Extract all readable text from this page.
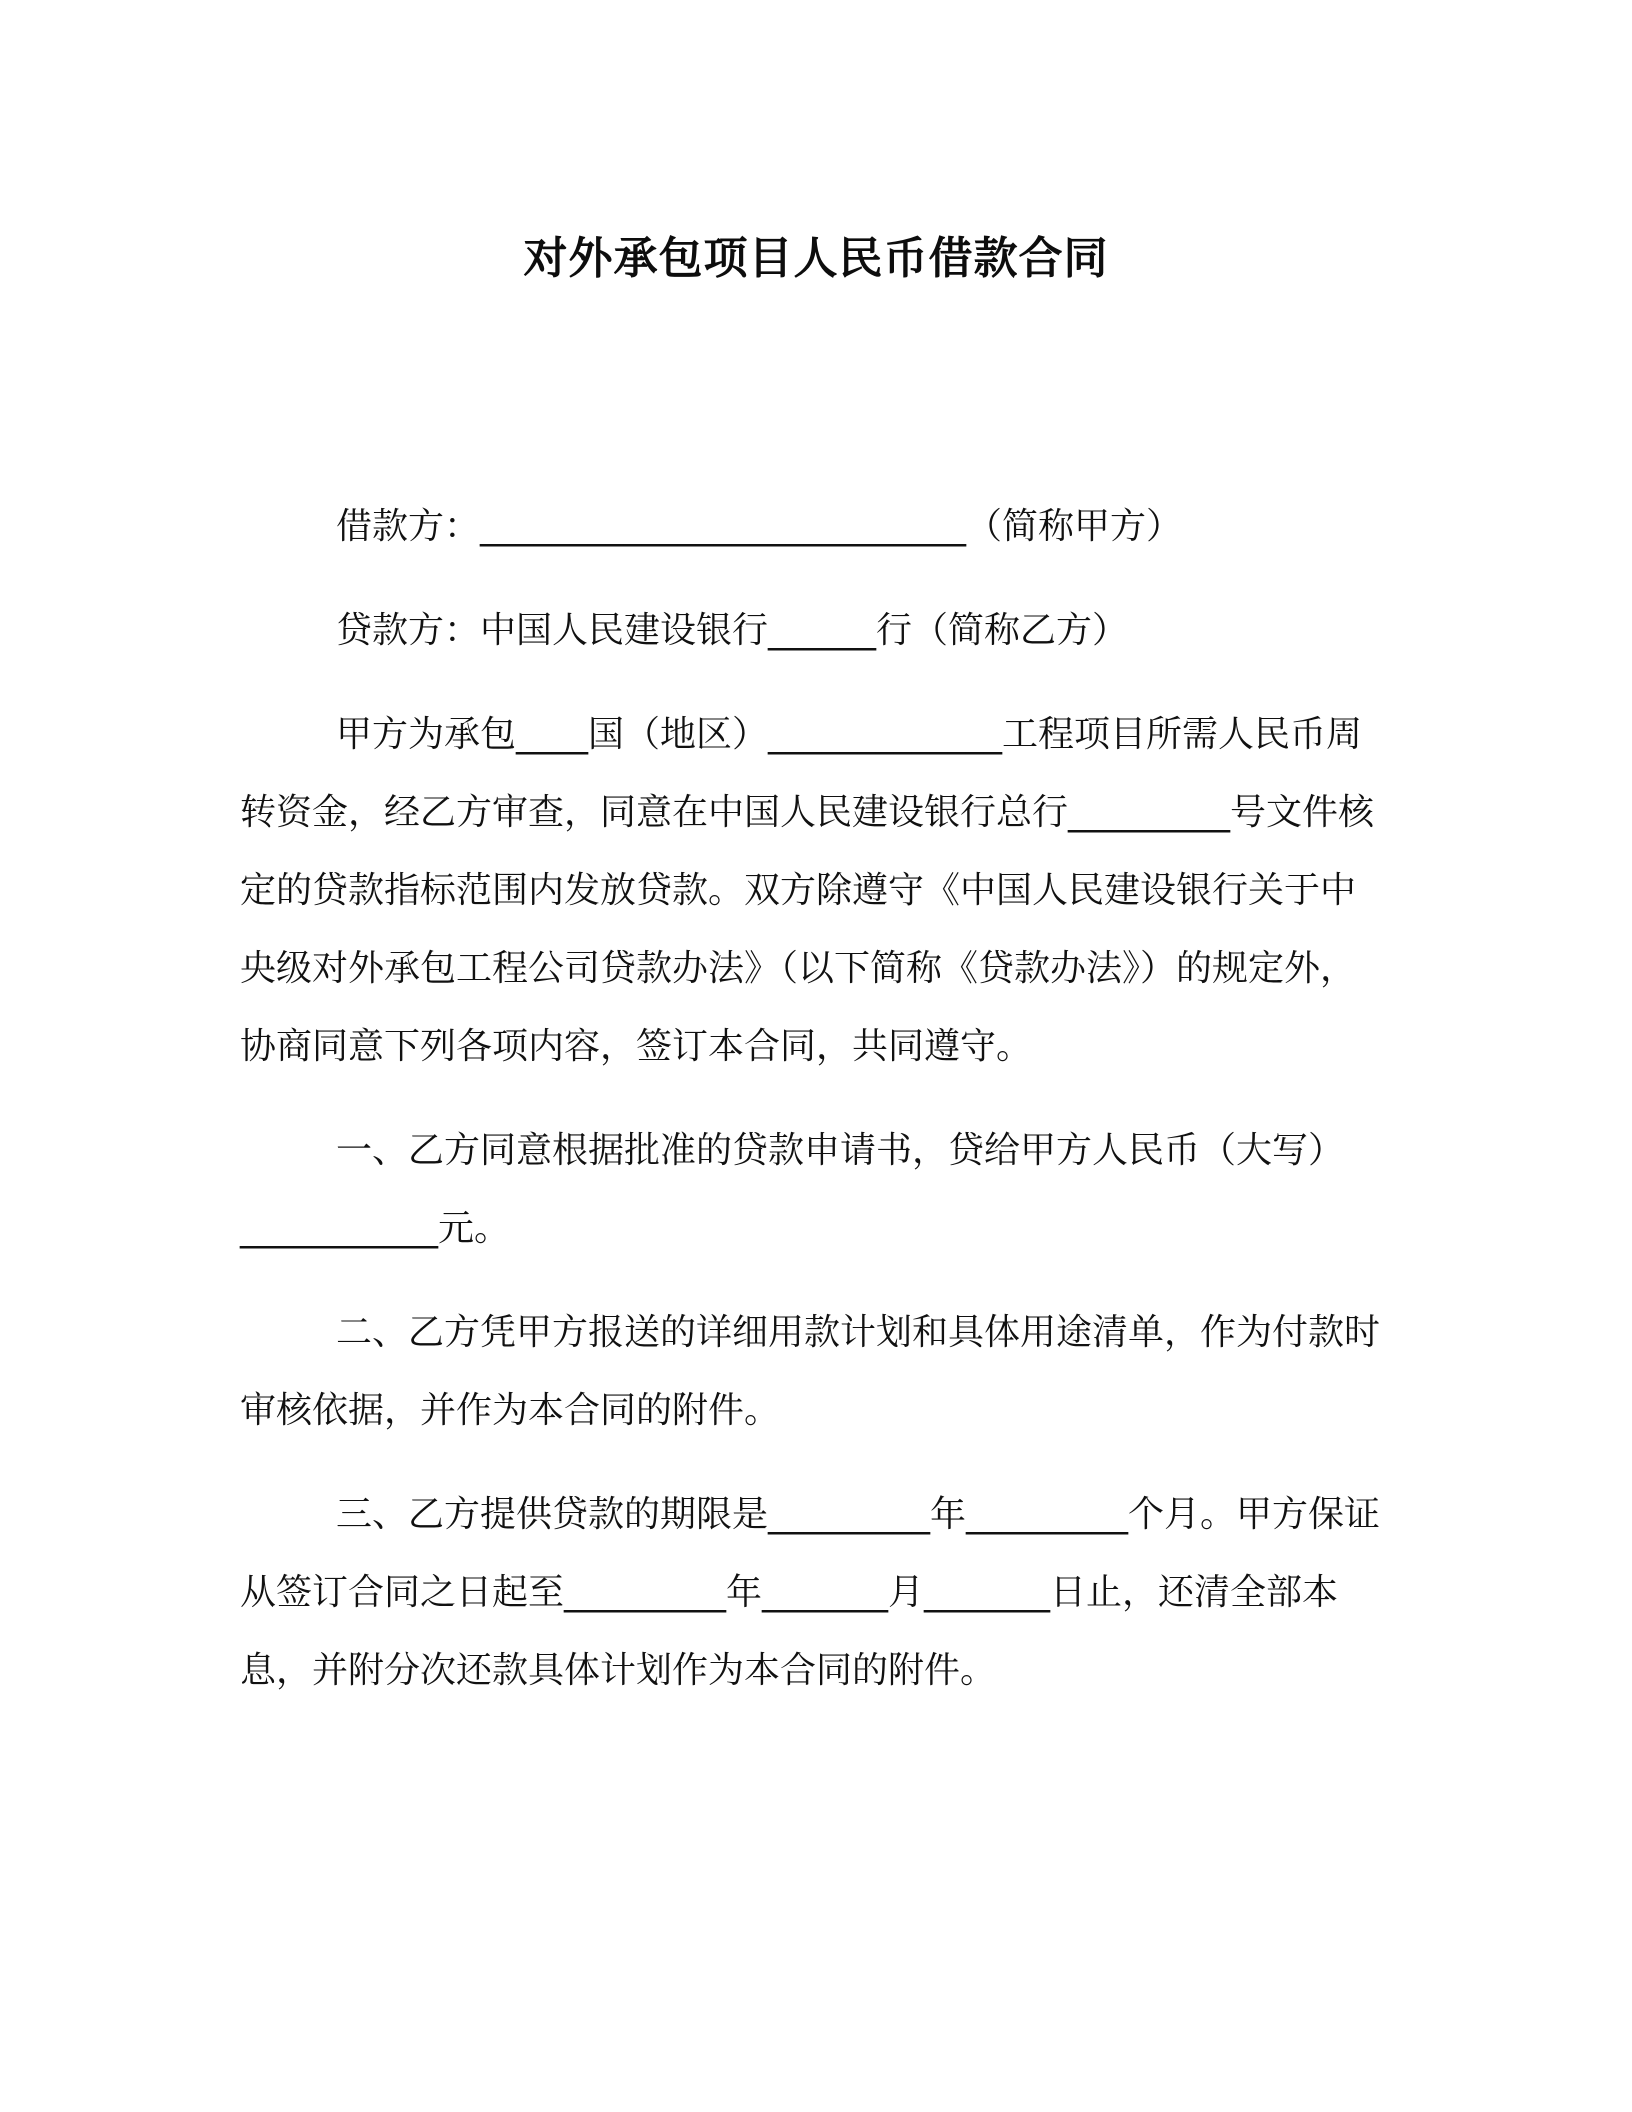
对外承包项目人民币借款合同

借款方：___________________________（简称甲方）

贷款方：中国人民建设银行______行（简称乙方）

甲方为承包____国（地区）_____________工程项目所需人民币周转资金，经乙方审查，同意在中国人民建设银行总行_________号文件核定的贷款指标范围内发放贷款。双方除遵守《中国人民建设银行关于中央级对外承包工程公司贷款办法》（以下简称《贷款办法》）的规定外，协商同意下列各项内容，签订本合同，共同遵守。

一、乙方同意根据批准的贷款申请书，贷给甲方人民币（大写）___________元。

二、乙方凭甲方报送的详细用款计划和具体用途清单，作为付款时审核依据，并作为本合同的附件。

三、乙方提供贷款的期限是_________年_________个月。甲方保证从签订合同之日起至_________年_______月_______日止，还清全部本息，并附分次还款具体计划作为本合同的附件。
